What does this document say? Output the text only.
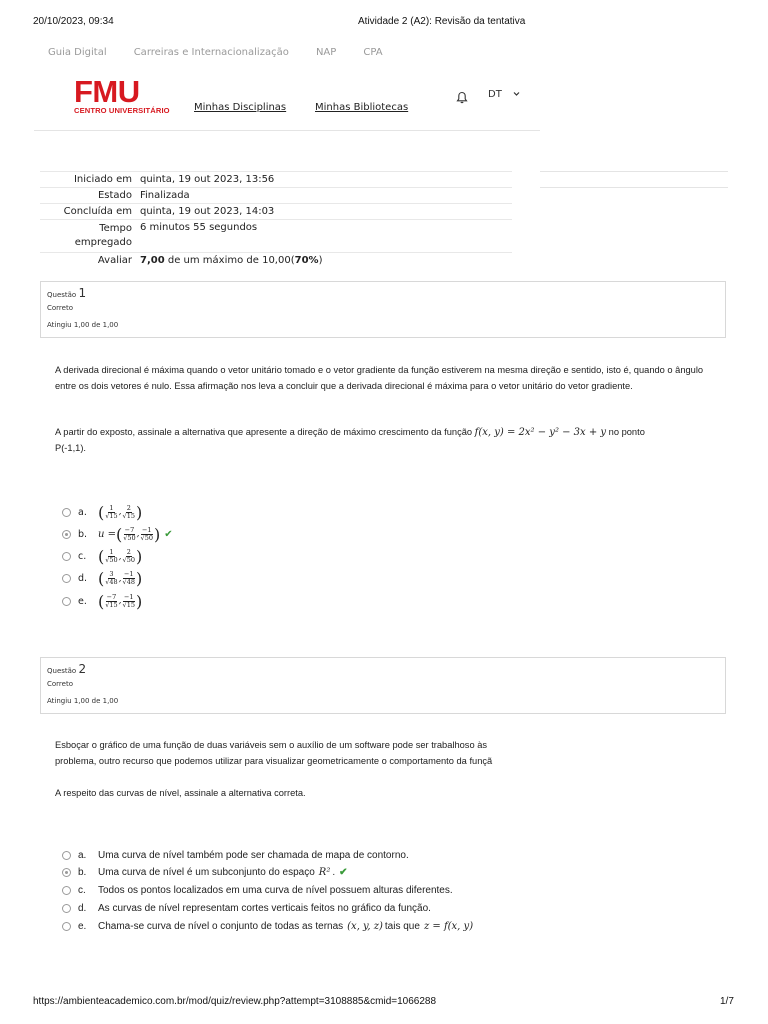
20/10/2023, 09:34	Atividade 2 (A2): Revisão da tentativa
Guia Digital	Carreiras e Internacionalização	NAP	CPA
FMU
CENTRO UNIVERSITÁRIO Minhas Disciplinas	Minhas Bibliotecas
DT
Iniciado em	quinta, 19 out 2023, 13:56
Estado	Finalizada
Concluída em	quinta, 19 out 2023, 14:03
Tempo empregado	6 minutos 55 segundos
Avaliar	7,00 de um máximo de 10,00(70%)
Questão 1
Correto
Atingiu 1,00 de 1,00
A derivada direcional é máxima quando o vetor unitário tomado e o vetor gradiente da função estiverem na mesma direção e sentido, isto é, quando o ângulo entre os dois vetores é nulo. Essa afirmação nos leva a concluir que a derivada direcional é máxima para o vetor unitário do vetor gradiente.
A partir do exposto, assinale a alternativa que apresente a direção de máximo crescimento da função f(x, y) = 2x² − y² − 3x + y no ponto
P(-1,1).
a. ( $\frac{1}{√15}$ , $\frac{2}{√15}$ )
b.	u = ( $\frac{-7}{√50}$ , $\frac{-1}{√50}$ ) ✔
c. ( $\frac{1}{√50}$ , $\frac{2}{√50}$ )
d. ( $\frac{3}{√48}$ , $\frac{-1}{√48}$ )
e. ( $\frac{-7}{√15}$ , $\frac{-1}{√15}$ )
Questão 2
Correto
Atingiu 1,00 de 1,00
Esboçar o gráfico de uma função de duas variáveis sem o auxílio de um software pode ser trabalhoso às
problema, outro recurso que podemos utilizar para visualizar geometricamente o comportamento da funçã
A respeito das curvas de nível, assinale a alternativa correta.
a.	Uma curva de nível também pode ser chamada de mapa de contorno.
b.	Uma curva de nível é um subconjunto do espaço R² . ✔
c.	Todos os pontos localizados em uma curva de nível possuem alturas diferentes.
d.	As curvas de nível representam cortes verticais feitos no gráfico da função.
e.	Chama-se curva de nível o conjunto de todas as ternas (x, y, z) tais que z = f(x, y)
https://ambienteacademico.com.br/mod/quiz/review.php?attempt=3108885&cmid=1066288	1/7
